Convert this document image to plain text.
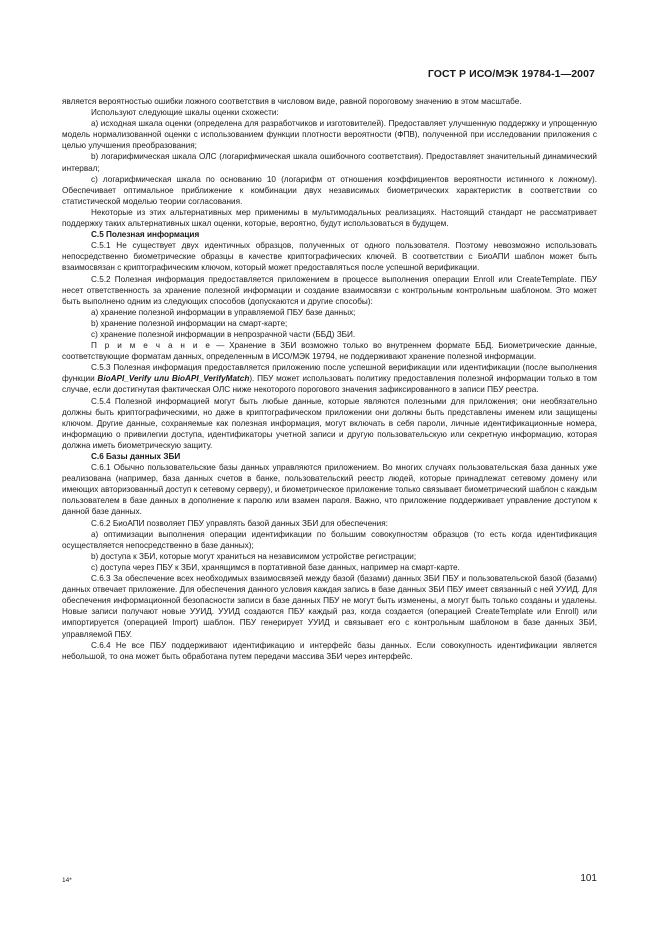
ГОСТ Р ИСО/МЭК 19784-1—2007

является вероятностью ошибки ложного соответствия в числовом виде, равной пороговому значению в этом масштабе.

Используют следующие шкалы оценки схожести:

a) исходная шкала оценки (определена для разработчиков и изготовителей). Предоставляет улучшенную поддержку и упрощенную модель нормализованной оценки с использованием функции плотности вероятности (ФПВ), полученной при исследовании приложения с целью улучшения преобразования;

b) логарифмическая шкала ОЛС (логарифмическая шкала ошибочного соответствия). Предоставляет значительный динамический интервал;

c) логарифмическая шкала по основанию 10 (логарифм от отношения коэффициентов вероятности истинного к ложному). Обеспечивает оптимальное приближение к комбинации двух независимых биометрических характеристик в соответствии со статистической моделью теории согласования.

Некоторые из этих альтернативных мер применимы в мультимодальных реализациях. Настоящий стандарт не рассматривает поддержку таких альтернативных шкал оценки, которые, вероятно, будут использоваться в будущем.

С.5 Полезная информация

С.5.1 Не существует двух идентичных образцов, полученных от одного пользователя. Поэтому невозможно использовать непосредственно биометрические образцы в качестве криптографических ключей. В соответствии с БиоАПИ шаблон может быть взаимосвязан с криптографическим ключом, который может предоставляться после успешной верификации.

С.5.2 Полезная информация предоставляется приложением в процессе выполнения операции Enroll или CreateTemplate. ПБУ несет ответственность за хранение полезной информации и создание взаимосвязи с контрольным контрольным шаблоном. Это может быть выполнено одним из следующих способов (допускаются и другие способы):

a) хранение полезной информации в управляемой ПБУ базе данных;

b) хранение полезной информации на смарт-карте;

c) хранение полезной информации в непрозрачной части (ББД) ЗБИ.

П р и м е ч а н и е — Хранение в ЗБИ возможно только во внутреннем формате ББД. Биометрические данные, соответствующие форматам данных, определенным в ИСО/МЭК 19794, не поддерживают хранение полезной информации.

С.5.3 Полезная информация предоставляется приложению после успешной верификации или идентификации (после выполнения функции BioAPI_Verify или BioAPI_VerifyMatch). ПБУ может использовать политику предоставления полезной информации только в том случае, если достигнутая фактическая ОЛС ниже некоторого порогового значения зафиксированного в записи ПБУ реестра.

С.5.4 Полезной информацией могут быть любые данные, которые являются полезными для приложения; они необязательно должны быть криптографическими, но даже в криптографическом приложении они должны быть представлены именем или защищены ключом. Другие данные, сохраняемые как полезная информация, могут включать в себя пароли, личные идентификационные номера, информацию о привилегии доступа, идентификаторы учетной записи и другую пользовательскую или секретную информацию, которая должна иметь биометрическую защиту.

С.6 Базы данных ЗБИ

С.6.1 Обычно пользовательские базы данных управляются приложением. Во многих случаях пользовательская база данных уже реализована (например, база данных счетов в банке, пользовательский реестр людей, которые принадлежат сетевому домену или имеющих авторизованный доступ к сетевому серверу), и биометрическое приложение только связывает биометрический шаблон с каждым пользователем в базе данных в дополнение к паролю или взамен пароля. Важно, что приложение поддерживает управление доступом к данной базе данных.

С.6.2 БиоАПИ позволяет ПБУ управлять базой данных ЗБИ для обеспечения:

a) оптимизации выполнения операции идентификации по большим совокупностям образцов (то есть когда идентификация осуществляется непосредственно в базе данных);

b) доступа к ЗБИ, которые могут храниться на независимом устройстве регистрации;

c) доступа через ПБУ к ЗБИ, хранящимся в портативной базе данных, например на смарт-карте.

С.6.3 За обеспечение всех необходимых взаимосвязей между базой (базами) данных ЗБИ ПБУ и пользовательской базой (базами) данных отвечает приложение. Для обеспечения данного условия каждая запись в базе данных ЗБИ ПБУ имеет связанный с ней УУИД. Для обеспечения информационной безопасности записи в базе данных ПБУ не могут быть изменены, а могут быть только созданы и удалены. Новые записи получают новые УУИД. УУИД создаются ПБУ каждый раз, когда создается (операцией CreateTemplate или Enroll) или импортируется (операцией Import) шаблон. ПБУ генерирует УУИД и связывает его с контрольным шаблоном в базе данных ЗБИ, управляемой ПБУ.

С.6.4 Не все ПБУ поддерживают идентификацию и интерфейс базы данных. Если совокупность идентификации является небольшой, то она может быть обработана путем передачи массива ЗБИ через интерфейс.

14*	101
